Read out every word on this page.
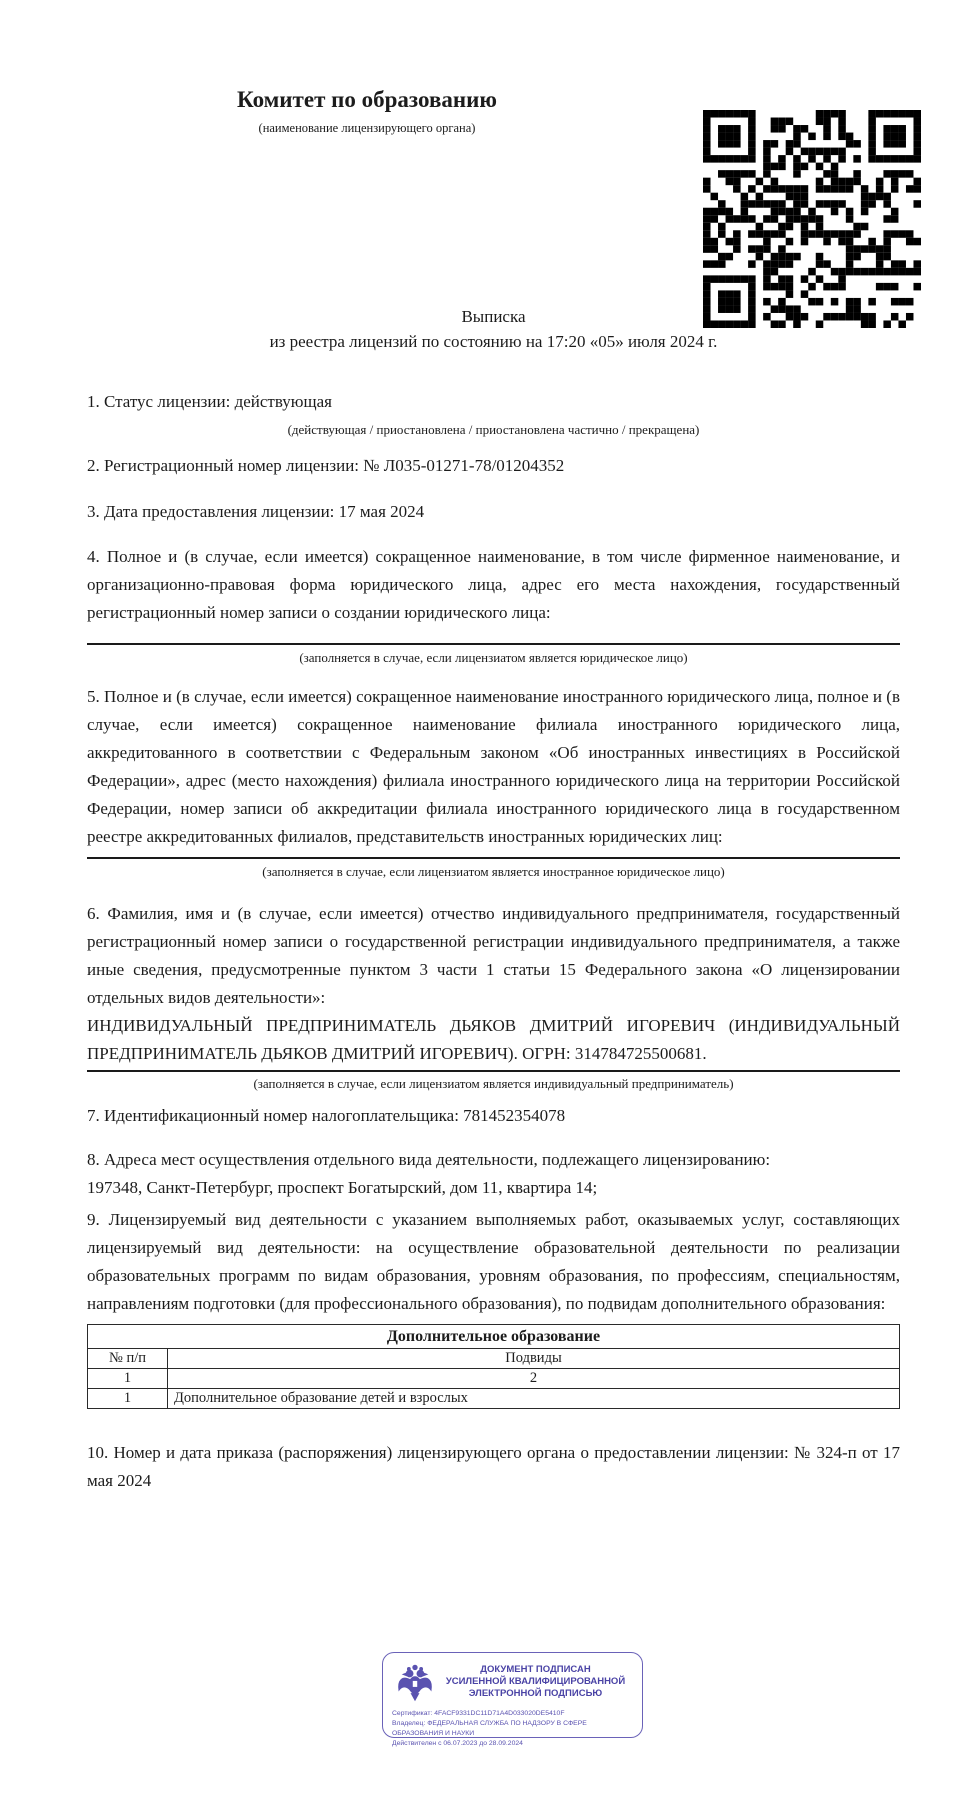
Комитет по образованию
(наименование лицензирующего органа)
Выписка
из реестра лицензий по состоянию на 17:20 «05» июля 2024 г.
1. Статус лицензии: действующая
(действующая / приостановлена / приостановлена частично / прекращена)
2. Регистрационный номер лицензии: № Л035-01271-78/01204352
3. Дата предоставления лицензии: 17 мая 2024
4. Полное и (в случае, если имеется) сокращенное наименование, в том числе фирменное наименование, и организационно-правовая форма юридического лица, адрес его места нахождения, государственный регистрационный номер записи о создании юридического лица:
(заполняется в случае, если лицензиатом является юридическое лицо)
5. Полное и (в случае, если имеется) сокращенное наименование иностранного юридического лица, полное и (в случае, если имеется) сокращенное наименование филиала иностранного юридического лица, аккредитованного в соответствии с Федеральным законом «Об иностранных инвестициях в Российской Федерации», адрес (место нахождения) филиала иностранного юридического лица на территории Российской Федерации, номер записи об аккредитации филиала иностранного юридического лица в государственном реестре аккредитованных филиалов, представительств иностранных юридических лиц:
(заполняется в случае, если лицензиатом является иностранное юридическое лицо)
6. Фамилия, имя и (в случае, если имеется) отчество индивидуального предпринимателя, государственный регистрационный номер записи о государственной регистрации индивидуального предпринимателя, а также иные сведения, предусмотренные пунктом 3 части 1 статьи 15 Федерального закона «О лицензировании отдельных видов деятельности»:
ИНДИВИДУАЛЬНЫЙ ПРЕДПРИНИМАТЕЛЬ ДЬЯКОВ ДМИТРИЙ ИГОРЕВИЧ (ИНДИВИДУАЛЬНЫЙ ПРЕДПРИНИМАТЕЛЬ ДЬЯКОВ ДМИТРИЙ ИГОРЕВИЧ). ОГРН: 314784725500681.
(заполняется в случае, если лицензиатом является индивидуальный предприниматель)
7. Идентификационный номер налогоплательщика: 781452354078
8. Адреса мест осуществления отдельного вида деятельности, подлежащего лицензированию:
197348, Санкт-Петербург, проспект Богатырский, дом 11, квартира 14;
9. Лицензируемый вид деятельности с указанием выполняемых работ, оказываемых услуг, составляющих лицензируемый вид деятельности: на осуществление образовательной деятельности по реализации образовательных программ по видам образования, уровням образования, по профессиям, специальностям, направлениям подготовки (для профессионального образования), по подвидам дополнительного образования:
Дополнительное образование	
№ п/п	Подвиды
1	2
1	Дополнительное образование детей и взрослых
10. Номер и дата приказа (распоряжения) лицензирующего органа о предоставлении лицензии: № 324-п от 17 мая 2024
ДОКУМЕНТ ПОДПИСАН
УСИЛЕННОЙ КВАЛИФИЦИРОВАННОЙ
ЭЛЕКТРОННОЙ ПОДПИСЬЮ
Сертификат: 4FACF9331DC11D71A4D033020DE5410F
Владелец: ФЕДЕРАЛЬНАЯ СЛУЖБА ПО НАДЗОРУ В СФЕРЕ ОБРАЗОВАНИЯ И НАУКИ
Действителен с 06.07.2023 до 28.09.2024
